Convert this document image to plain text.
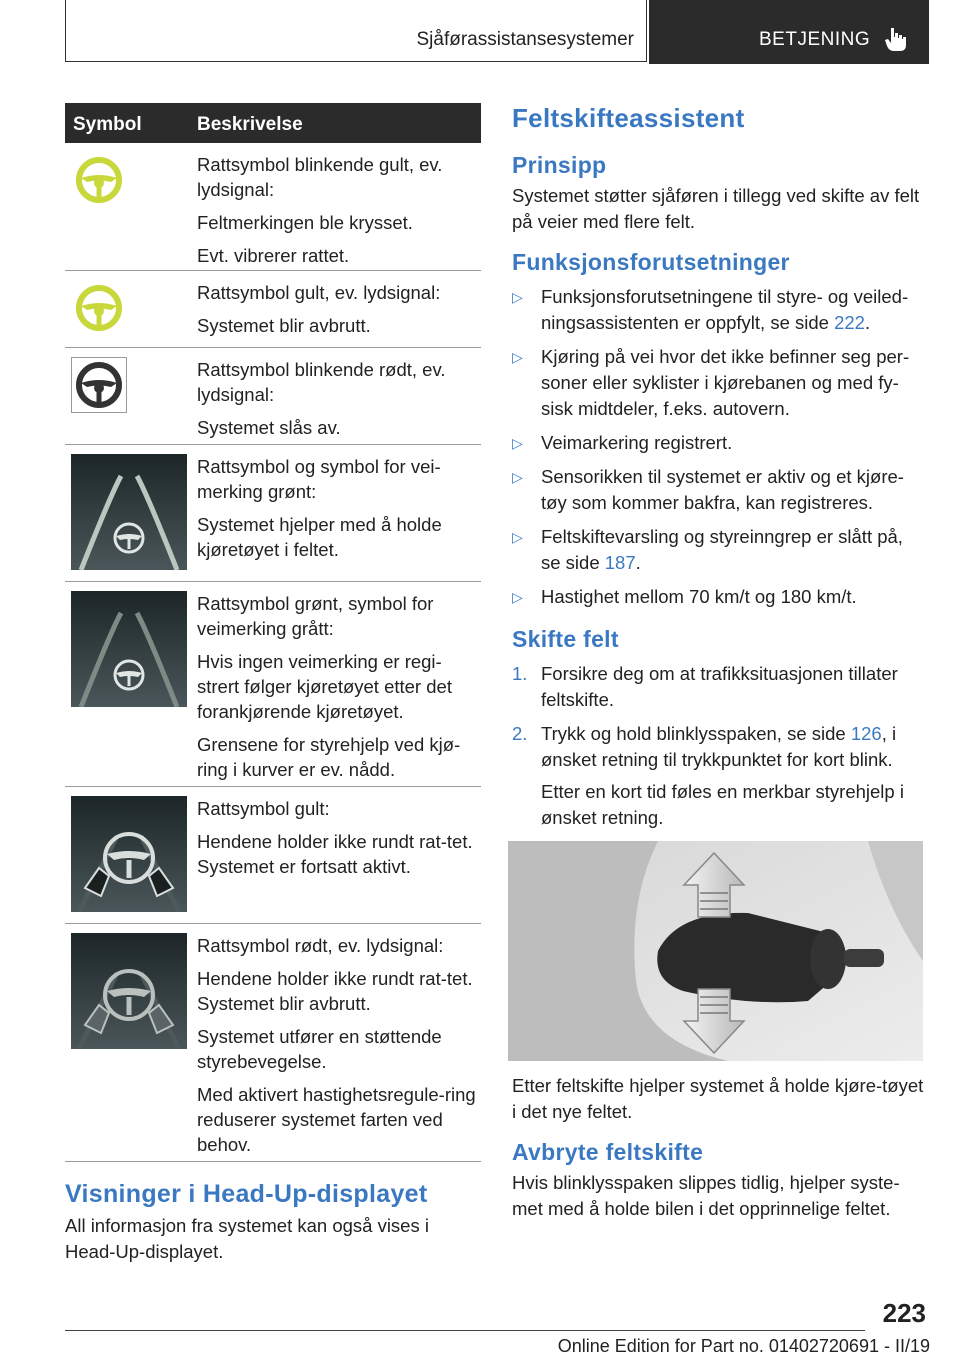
Sjåførassistansesystemer	BETJENING
Symbol	Beskrivelse

Rattsymbol blinkende gult, ev. lydsignal:

Feltmerkingen ble krysset.

Evt. vibrerer rattet.

Rattsymbol gult, ev. lydsignal:

Systemet blir avbrutt.

Rattsymbol blinkende rødt, ev. lydsignal:

Systemet slås av.

Rattsymbol og symbol for vei-merking grønt:

Systemet hjelper med å holde kjøretøyet i feltet.

Rattsymbol grønt, symbol for veimerking grått:

Hvis ingen veimerking er regi-strert følger kjøretøyet etter det forankjørende kjøretøyet.

Grensene for styrehjelp ved kjø-ring i kurver er ev. nådd.

Rattsymbol gult:

Hendene holder ikke rundt rat-tet. Systemet er fortsatt aktivt.

Rattsymbol rødt, ev. lydsignal:

Hendene holder ikke rundt rat-tet. Systemet blir avbrutt.

Systemet utfører en støttende styrebevegelse.

Med aktivert hastighetsregule-ring reduserer systemet farten ved behov.

Visninger i Head-Up-displayet

All informasjon fra systemet kan også vises i Head-Up-displayet.

Feltskifteassistent
Prinsipp

Systemet støtter sjåføren i tillegg ved skifte av felt på veier med flere felt.

Funksjonsforutsetninger
▷ Funksjonsforutsetningene til styre- og veiled-ningsassistenten er oppfylt, se side 222.
▷ Kjøring på vei hvor det ikke befinner seg per-soner eller syklister i kjørebanen og med fy-sisk midtdeler, f.eks. autovern.
▷ Veimarkering registrert.
▷ Sensorikken til systemet er aktiv og et kjøre-tøy som kommer bakfra, kan registreres.
▷ Feltskiftevarsling og styreinngrep er slått på, se side 187.
▷ Hastighet mellom 70 km/t og 180 km/t.
Skifte felt
1. Forsikre deg om at trafikksituasjonen tillater feltskifte.
2. Trykk og hold blinklysspaken, se side 126, i ønsket retning til trykkpunktet for kort blink.
Etter en kort tid føles en merkbar styrehjelp i ønsket retning.

Etter feltskifte hjelper systemet å holde kjøre-tøyet i det nye feltet.

Avbryte feltskifte

Hvis blinklysspaken slippes tidlig, hjelper syste-met med å holde bilen i det opprinnelige feltet.

223
Online Edition for Part no. 01402720691 - II/19
